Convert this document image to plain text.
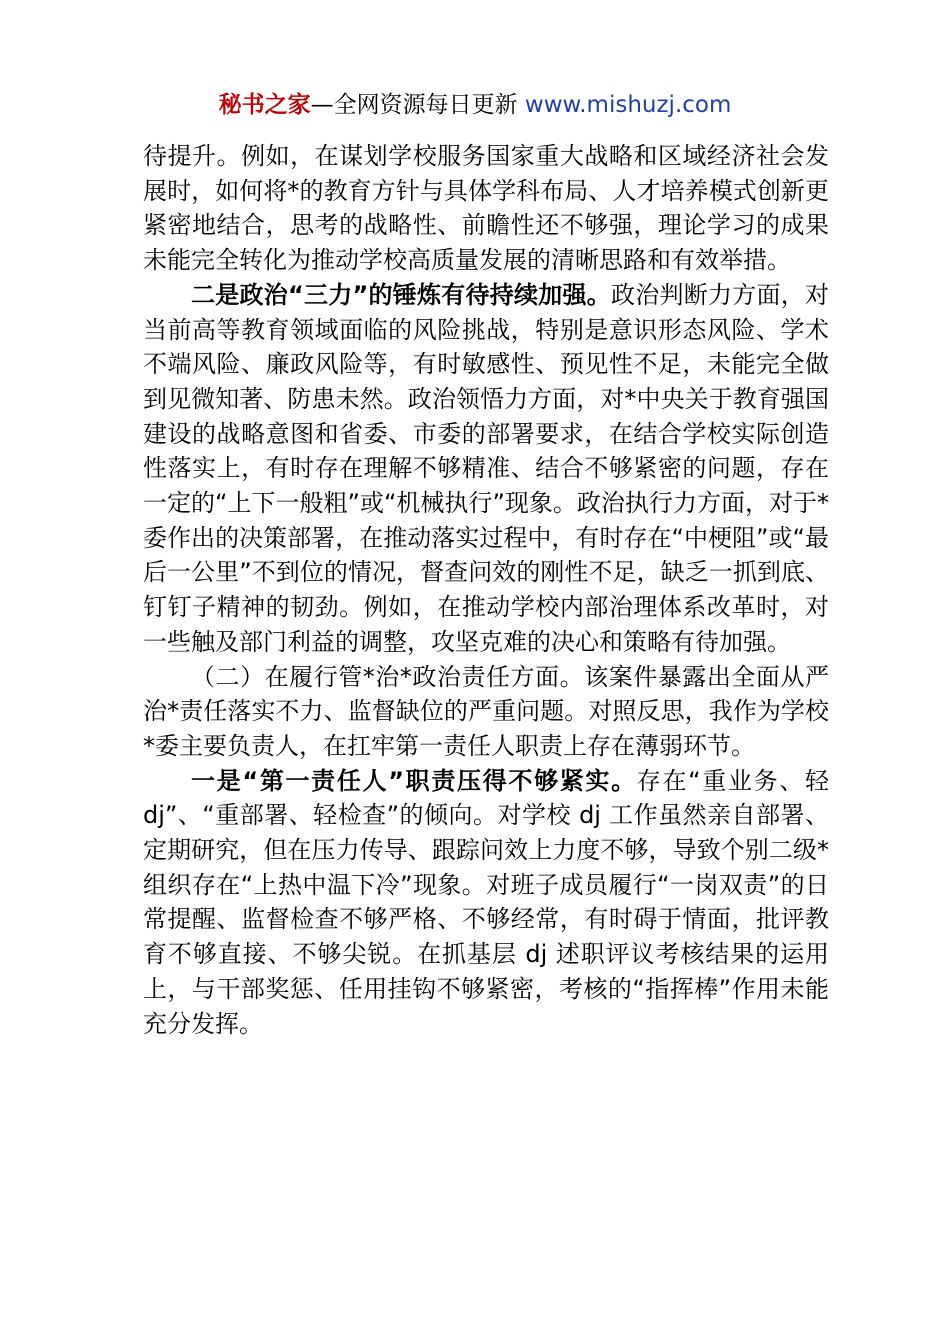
秘书之家—全网资源每日更新 www.mishuzj.com

待提升。例如，在谋划学校服务国家重大战略和区域经济社会发展时，如何将*的教育方针与具体学科布局、人才培养模式创新更紧密地结合，思考的战略性、前瞻性还不够强，理论学习的成果未能完全转化为推动学校高质量发展的清晰思路和有效举措。

二是政治“三力”的锤炼有待持续加强。政治判断力方面，对当前高等教育领域面临的风险挑战，特别是意识形态风险、学术不端风险、廉政风险等，有时敏感性、预见性不足，未能完全做到见微知著、防患未然。政治领悟力方面，对*中央关于教育强国建设的战略意图和省委、市委的部署要求，在结合学校实际创造性落实上，有时存在理解不够精准、结合不够紧密的问题，存在一定的“上下一般粗”或“机械执行”现象。政治执行力方面，对于*委作出的决策部署，在推动落实过程中，有时存在“中梗阻”或“最后一公里”不到位的情况，督查问效的刚性不足，缺乏一抓到底、钉钉子精神的韧劲。例如，在推动学校内部治理体系改革时，对一些触及部门利益的调整，攻坚克难的决心和策略有待加强。

（二）在履行管*治*政治责任方面。该案件暴露出全面从严治*责任落实不力、监督缺位的严重问题。对照反思，我作为学校*委主要负责人，在扛牢第一责任人职责上存在薄弱环节。

一是“第一责任人”职责压得不够紧实。存在“重业务、轻 dj”、“重部署、轻检查”的倾向。对学校 dj 工作虽然亲自部署、定期研究，但在压力传导、跟踪问效上力度不够，导致个别二级*组织存在“上热中温下冷”现象。对班子成员履行“一岗双责”的日常提醒、监督检查不够严格、不够经常，有时碍于情面，批评教育不够直接、不够尖锐。在抓基层 dj 述职评议考核结果的运用上，与干部奖惩、任用挂钩不够紧密，考核的“指挥棒”作用未能充分发挥。
